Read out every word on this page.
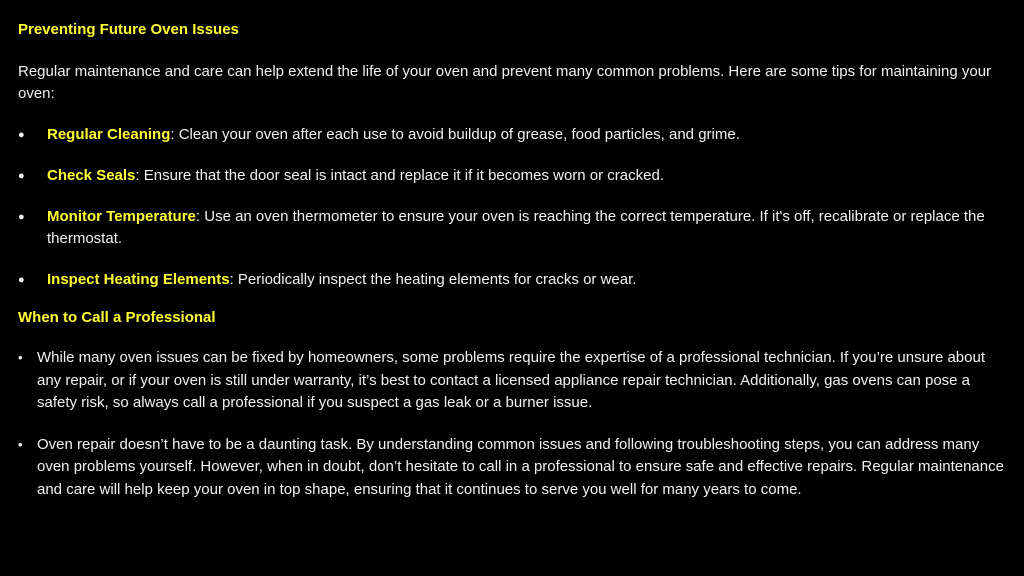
Preventing Future Oven Issues

Regular maintenance and care can help extend the life of your oven and prevent many common problems. Here are some tips for maintaining your oven:

● Regular Cleaning: Clean your oven after each use to avoid buildup of grease, food particles, and grime.
● Check Seals: Ensure that the door seal is intact and replace it if it becomes worn or cracked.
● Monitor Temperature: Use an oven thermometer to ensure your oven is reaching the correct temperature. If it's off, recalibrate or replace the thermostat.
● Inspect Heating Elements: Periodically inspect the heating elements for cracks or wear.

When to Call a Professional

• While many oven issues can be fixed by homeowners, some problems require the expertise of a professional technician. If you’re unsure about any repair, or if your oven is still under warranty, it’s best to contact a licensed appliance repair technician. Additionally, gas ovens can pose a safety risk, so always call a professional if you suspect a gas leak or a burner issue.
• Oven repair doesn’t have to be a daunting task. By understanding common issues and following troubleshooting steps, you can address many oven problems yourself. However, when in doubt, don’t hesitate to call in a professional to ensure safe and effective repairs. Regular maintenance and care will help keep your oven in top shape, ensuring that it continues to serve you well for many years to come.
